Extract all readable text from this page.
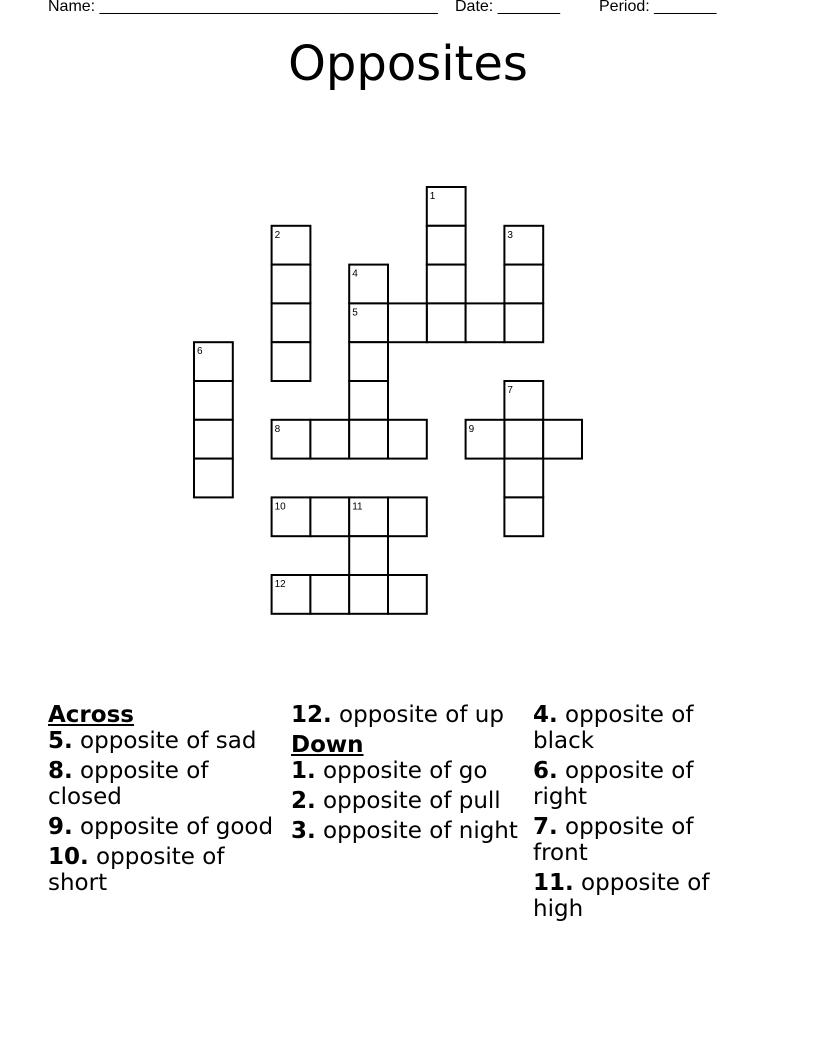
Name: ______________________________________

Date: _______

Period: _______

Opposites
1
2	3
4
5
6
7
8	9
10	11
12
Across
5. opposite of sad
8. opposite of closed
9. opposite of good
10. opposite of short
12. opposite of up
Down
1. opposite of go
2. opposite of pull
3. opposite of night
4. opposite of black
6. opposite of right
7. opposite of front
11. opposite of high
